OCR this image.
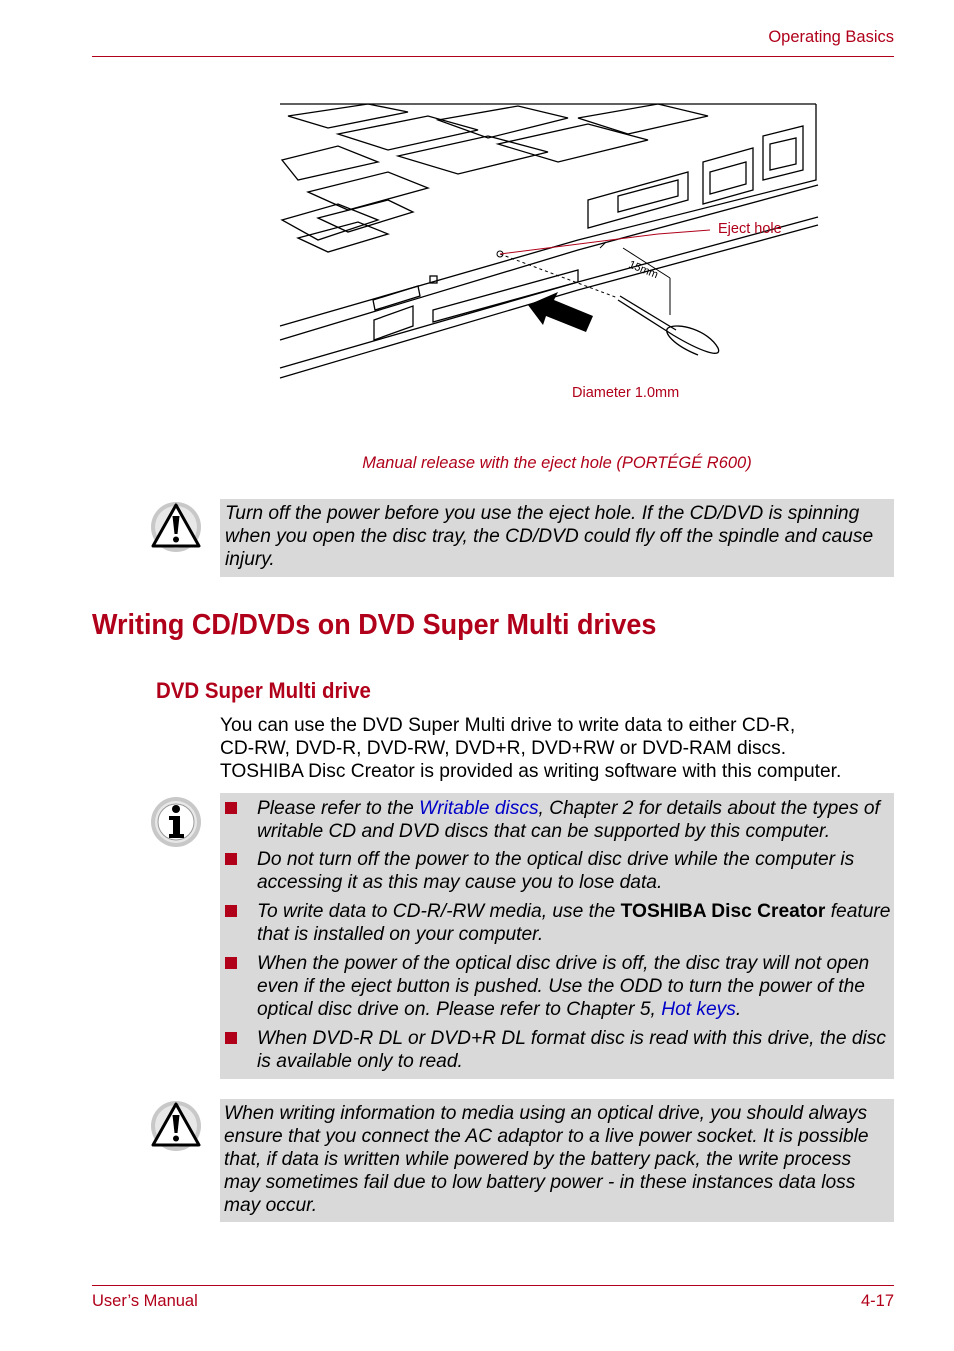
Operating Basics
15mm
Eject hole
Diameter 1.0mm
Manual release with the eject hole (PORTÉGÉ R600)
Turn off the power before you use the eject hole. If the CD/DVD is spinning when you open the disc tray, the CD/DVD could fly off the spindle and cause injury.
Writing CD/DVDs on DVD Super Multi drives
DVD Super Multi drive
You can use the DVD Super Multi drive to write data to either CD-R,
CD-RW, DVD-R, DVD-RW, DVD+R, DVD+RW or DVD-RAM discs.
TOSHIBA Disc Creator is provided as writing software with this computer.
Please refer to the Writable discs, Chapter 2 for details about the types of writable CD and DVD discs that can be supported by this computer.
Do not turn off the power to the optical disc drive while the computer is accessing it as this may cause you to lose data.
To write data to CD-R/-RW media, use the TOSHIBA Disc Creator feature that is installed on your computer.
When the power of the optical disc drive is off, the disc tray will not open even if the eject button is pushed. Use the ODD to turn the power of the optical disc drive on. Please refer to Chapter 5, Hot keys.
When DVD-R DL or DVD+R DL format disc is read with this drive, the disc is available only to read.
When writing information to media using an optical drive, you should always ensure that you connect the AC adaptor to a live power socket. It is possible that, if data is written while powered by the battery pack, the write process may sometimes fail due to low battery power - in these instances data loss may occur.
User’s Manual	4-17
